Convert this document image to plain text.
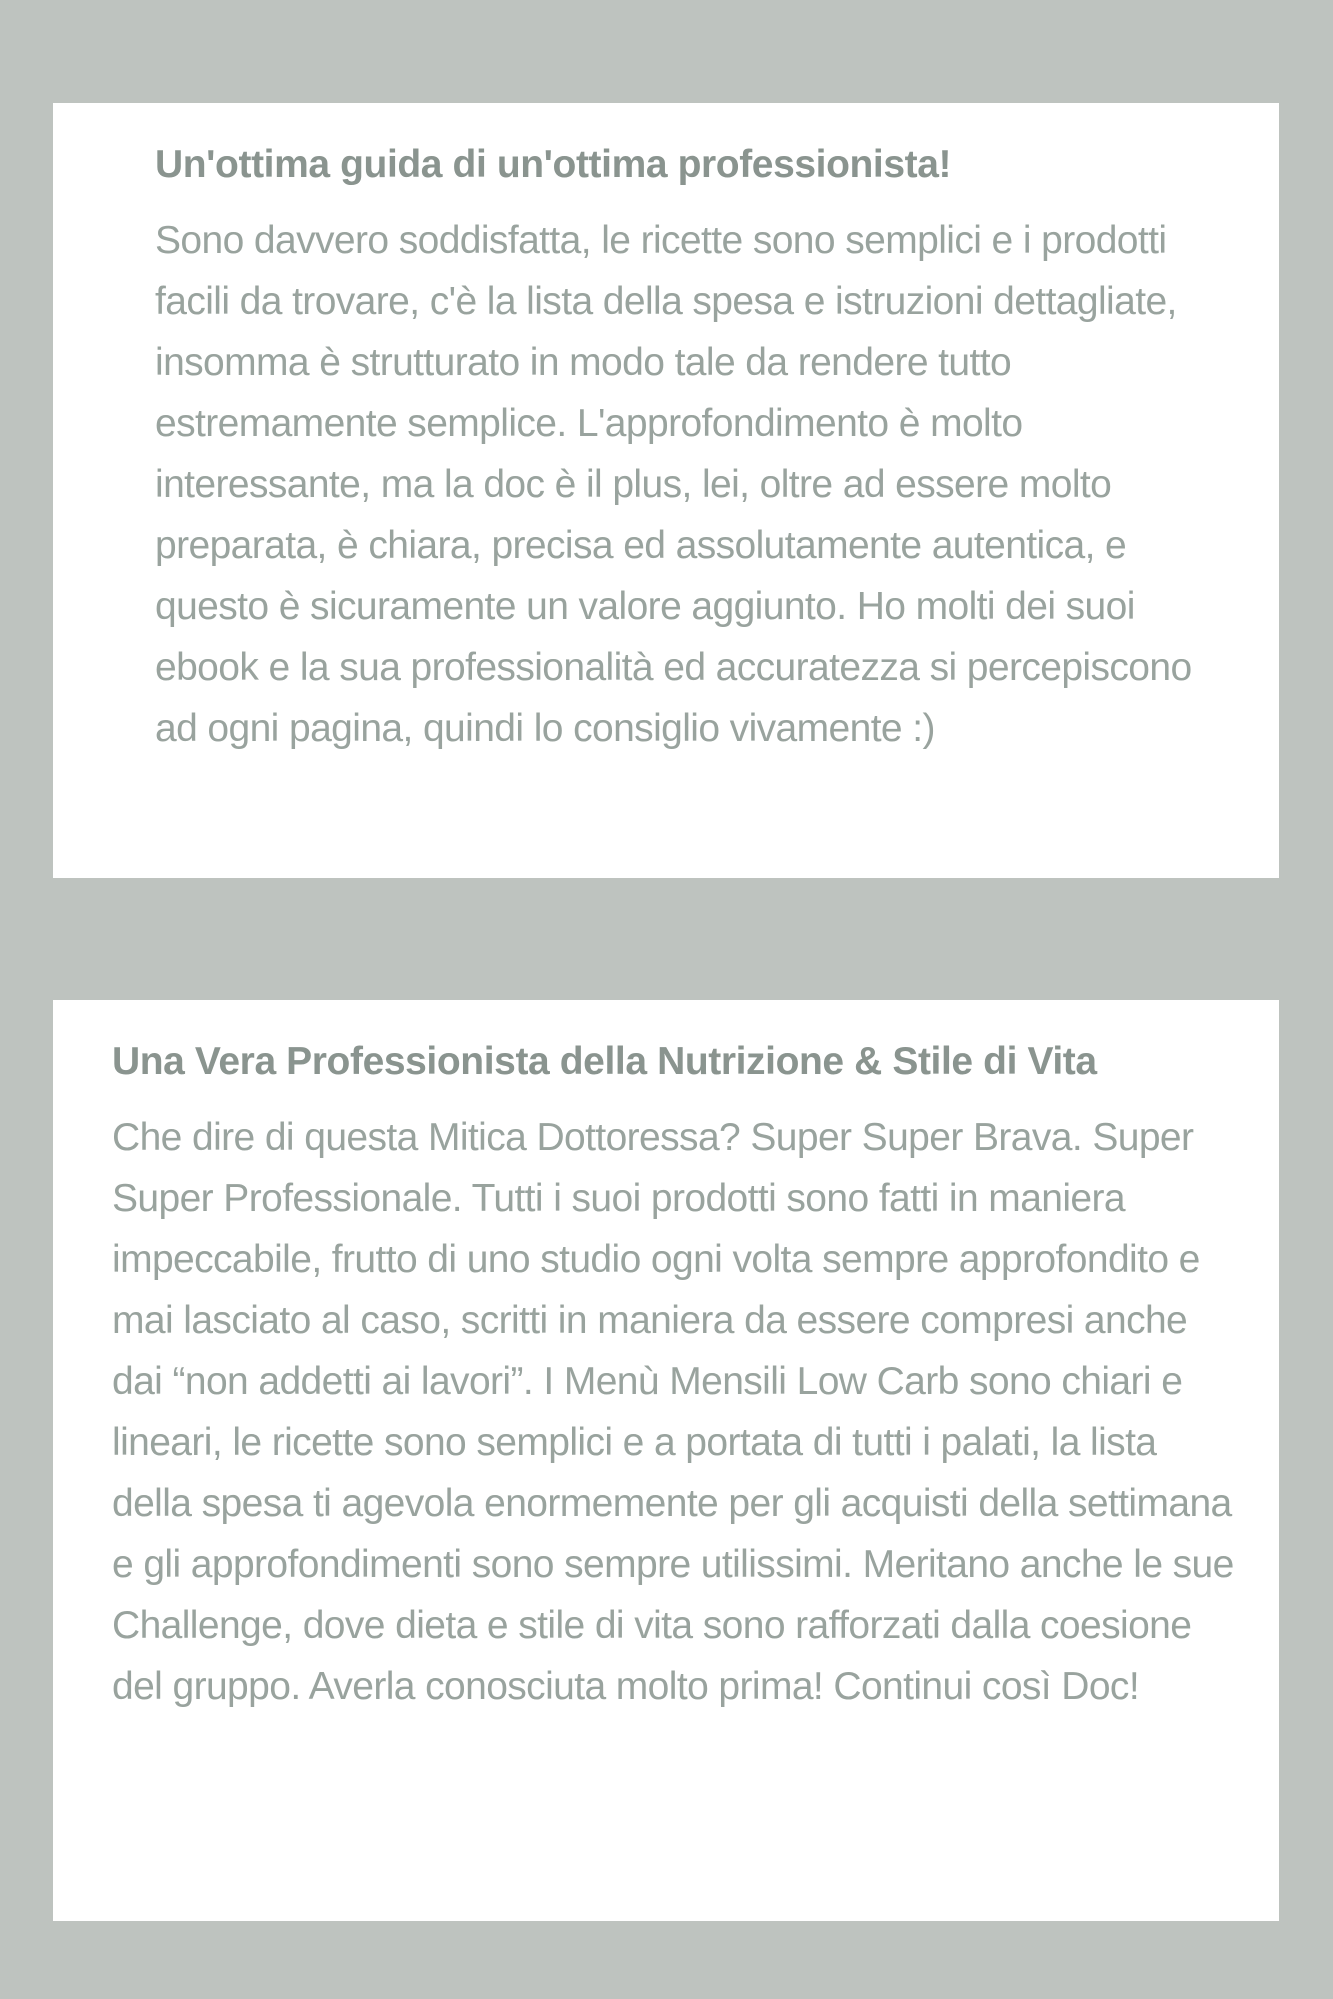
Un'ottima guida di un'ottima professionista!

Sono davvero soddisfatta, le ricette sono semplici e i prodotti facili da trovare, c'è la lista della spesa e istruzioni dettagliate, insomma è strutturato in modo tale da rendere tutto estremamente semplice. L'approfondimento è molto interessante, ma la doc è il plus, lei, oltre ad essere molto preparata, è chiara, precisa ed assolutamente autentica, e questo è sicuramente un valore aggiunto. Ho molti dei suoi ebook e la sua professionalità ed accuratezza si percepiscono ad ogni pagina, quindi lo consiglio vivamente :)

Una Vera Professionista della Nutrizione & Stile di Vita

Che dire di questa Mitica Dottoressa? Super Super Brava. Super Super Professionale. Tutti i suoi prodotti sono fatti in maniera impeccabile, frutto di uno studio ogni volta sempre approfondito e mai lasciato al caso, scritti in maniera da essere compresi anche dai “non addetti ai lavori”. I Menù Mensili Low Carb sono chiari e lineari, le ricette sono semplici e a portata di tutti i palati, la lista della spesa ti agevola enormemente per gli acquisti della settimana e gli approfondimenti sono sempre utilissimi. Meritano anche le sue Challenge, dove dieta e stile di vita sono rafforzati dalla coesione del gruppo. Averla conosciuta molto prima! Continui così Doc!
